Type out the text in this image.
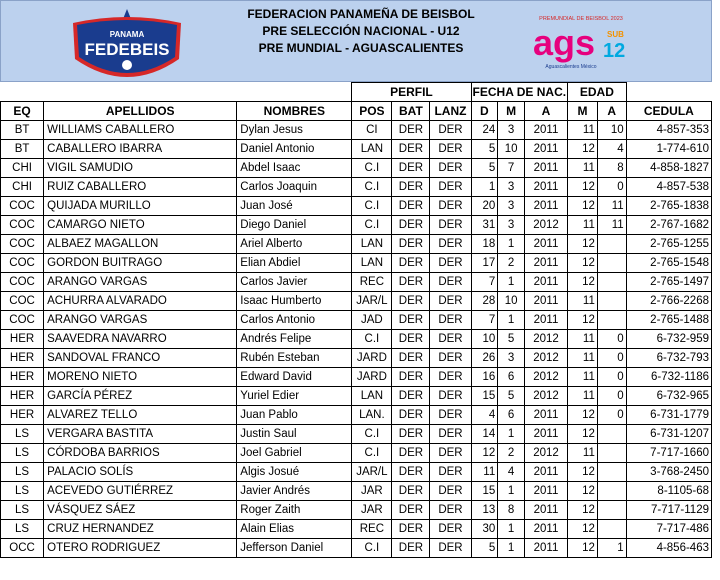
PANAMA
FEDEBEIS
FEDERACION PANAMEÑA DE BEISBOL
PRE SELECCIÓN NACIONAL - U12
PRE MUNDIAL - AGUASCALIENTES
PREMUNDIAL DE BEISBOL 2023
ags SUB
12
Aguascalientes México
			PERFIL			FECHA DE NAC.			EDAD		
EQ	APELLIDOS	NOMBRES	POS	BAT	LANZ	D	M	A	M	A	CEDULA
BT	WILLIAMS CABALLERO	Dylan Jesus	CI	DER	DER	24	3	2011	11	10	4-857-353
BT	CABALLERO IBARRA	Daniel Antonio	LAN	DER	DER	5	10	2011	12	4	1-774-610
CHI	VIGIL SAMUDIO	Abdel Isaac	C.I	DER	DER	5	7	2011	11	8	4-858-1827
CHI	RUIZ CABALLERO	Carlos Joaquin	C.I	DER	DER	1	3	2011	12	0	4-857-538
COC	QUIJADA MURILLO	Juan José	C.I	DER	DER	20	3	2011	12	11	2-765-1838
COC	CAMARGO NIETO	Diego Daniel	C.I	DER	DER	31	3	2012	11	11	2-767-1682
COC	ALBAEZ MAGALLON	Ariel Alberto	LAN	DER	DER	18	1	2011	12		2-765-1255
COC	GORDON BUITRAGO	Elian Abdiel	LAN	DER	DER	17	2	2011	12		2-765-1548
COC	ARANGO VARGAS	Carlos Javier	REC	DER	DER	7	1	2011	12		2-765-1497
COC	ACHURRA ALVARADO	Isaac Humberto	JAR/L	DER	DER	28	10	2011	11		2-766-2268
COC	ARANGO VARGAS	Carlos Antonio	JAD	DER	DER	7	1	2011	12		2-765-1488
HER	SAAVEDRA NAVARRO	Andrés Felipe	C.I	DER	DER	10	5	2012	11	0	6-732-959
HER	SANDOVAL FRANCO	Rubén Esteban	JARD	DER	DER	26	3	2012	11	0	6-732-793
HER	MORENO NIETO	Edward David	JARD	DER	DER	16	6	2012	11	0	6-732-1186
HER	GARCÍA PÉREZ	Yuriel Edier	LAN	DER	DER	15	5	2012	11	0	6-732-965
HER	ALVAREZ TELLO	Juan Pablo	LAN.	DER	DER	4	6	2011	12	0	6-731-1779
LS	VERGARA BASTITA	Justin Saul	C.I	DER	DER	14	1	2011	12		6-731-1207
LS	CÓRDOBA BARRIOS	Joel Gabriel	C.I	DER	DER	12	2	2012	11		7-717-1660
LS	PALACIO SOLÍS	Algis Josué	JAR/L	DER	DER	11	4	2011	12		3-768-2450
LS	ACEVEDO GUTIÉRREZ	Javier Andrés	JAR	DER	DER	15	1	2011	12		8-1105-68
LS	VÁSQUEZ SÁEZ	Roger Zaith	JAR	DER	DER	13	8	2011	12		7-717-1129
LS	CRUZ HERNANDEZ	Alain Elias	REC	DER	DER	30	1	2011	12		7-717-486
OCC	OTERO RODRIGUEZ	Jefferson Daniel	C.I	DER	DER	5	1	2011	12	1	4-856-463
